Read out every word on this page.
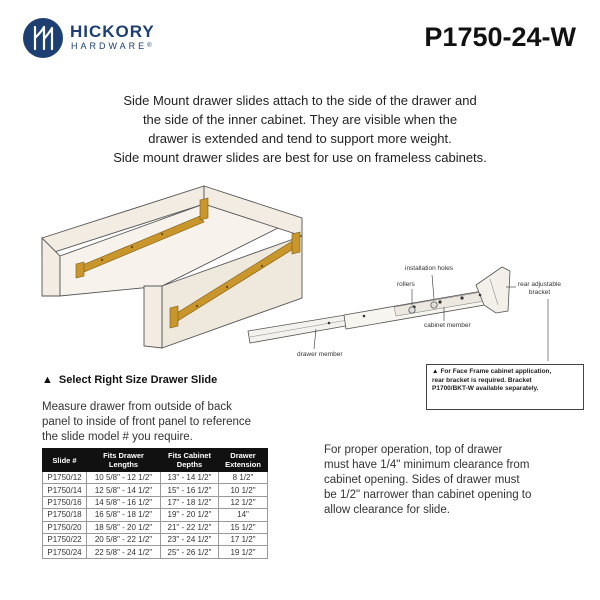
HICKORY
HARDWARE®	P1750-24-W
Side Mount drawer slides attach to the side of the drawer and
the side of the inner cabinet. They are visible when the
drawer is extended and tend to support more weight.
Side mount drawer slides are best for use on frameless cabinets.
installation holes
rollers	rear adjustable
bracket
cabinet member
drawer member
▲ For Face Frame cabinet application,
rear bracket is required. Bracket
P1700/BKT-W available separately.
▲ Select Right Size Drawer Slide
Measure drawer from outside of back
panel to inside of front panel to reference
the slide model # you require.
Slide #	Fits Drawer Lengths	Fits Cabinet Depths	Drawer Extension
P1750/12	10 5/8" - 12 1/2"	13" - 14 1/2"	8 1/2"
P1750/14	12 5/8" - 14 1/2"	15" - 16 1/2"	10 1/2"
P1750/16	14 5/8" - 16 1/2"	17" - 18 1/2"	12 1/2"
P1750/18	16 5/8" - 18 1/2"	19" - 20 1/2"	14"
P1750/20	18 5/8" - 20 1/2"	21" - 22 1/2"	15 1/2"
P1750/22	20 5/8" - 22 1/2"	23" - 24 1/2"	17 1/2"
P1750/24	22 5/8" - 24 1/2"	25" - 26 1/2"	19 1/2"
For proper operation, top of drawer
must have 1/4" minimum clearance from
cabinet opening. Sides of drawer must
be 1/2" narrower than cabinet opening to
allow clearance for slide.
